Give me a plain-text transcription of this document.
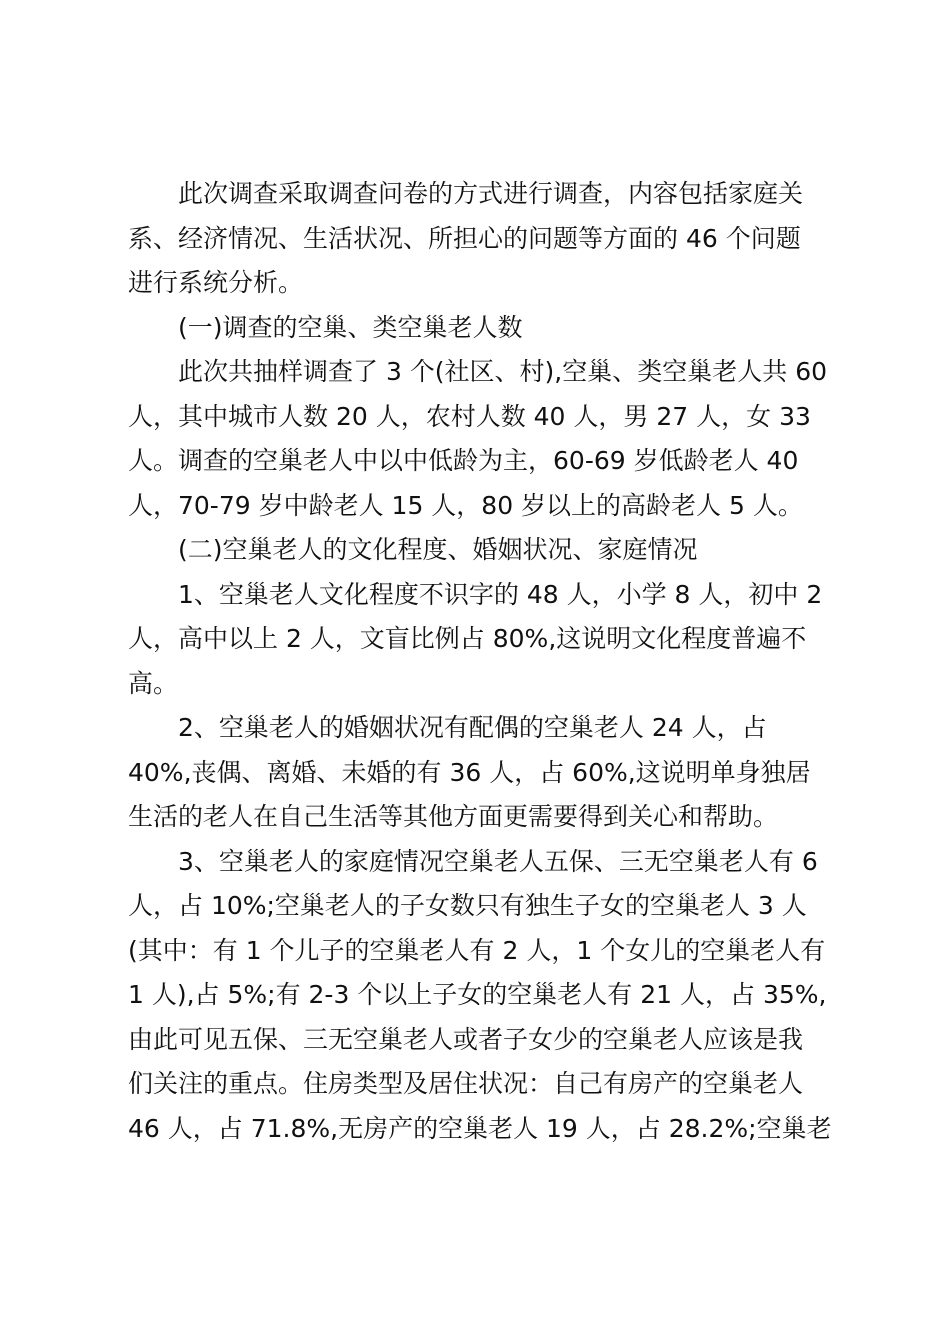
此次调查采取调查问卷的方式进行调查，内容包括家庭关
系、经济情况、生活状况、所担心的问题等方面的 46 个问题
进行系统分析。

(一)调查的空巢、类空巢老人数

此次共抽样调查了 3 个(社区、村),空巢、类空巢老人共 60
人，其中城市人数 20 人，农村人数 40 人，男 27 人，女 33
人。调查的空巢老人中以中低龄为主，60-69 岁低龄老人 40
人，70-79 岁中龄老人 15 人，80 岁以上的高龄老人 5 人。

(二)空巢老人的文化程度、婚姻状况、家庭情况

1、空巢老人文化程度不识字的 48 人，小学 8 人，初中 2
人，高中以上 2 人，文盲比例占 80%,这说明文化程度普遍不
高。

2、空巢老人的婚姻状况有配偶的空巢老人 24 人，占
40%,丧偶、离婚、未婚的有 36 人，占 60%,这说明单身独居
生活的老人在自己生活等其他方面更需要得到关心和帮助。

3、空巢老人的家庭情况空巢老人五保、三无空巢老人有 6
人，占 10%;空巢老人的子女数只有独生子女的空巢老人 3 人
(其中：有 1 个儿子的空巢老人有 2 人，1 个女儿的空巢老人有
1 人),占 5%;有 2-3 个以上子女的空巢老人有 21 人，占 35%,
由此可见五保、三无空巢老人或者子女少的空巢老人应该是我
们关注的重点。住房类型及居住状况：自己有房产的空巢老人
46 人，占 71.8%,无房产的空巢老人 19 人，占 28.2%;空巢老
